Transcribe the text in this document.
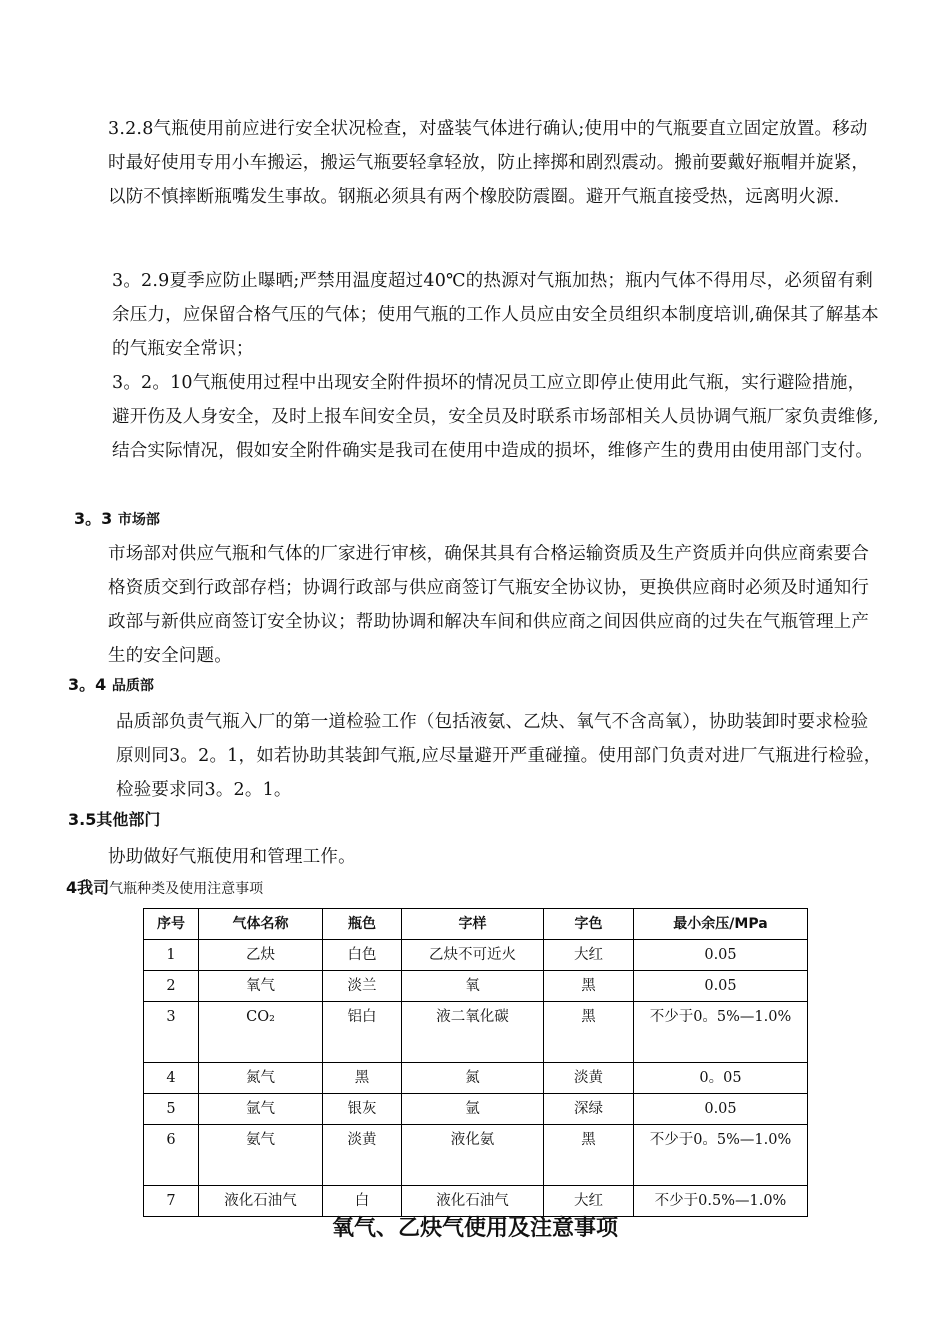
3.2.8气瓶使用前应进行安全状况检查，对盛装气体进行确认;使用中的气瓶要直立固定放置。移动时最好使用专用小车搬运，搬运气瓶要轻拿轻放，防止摔掷和剧烈震动。搬前要戴好瓶帽并旋紧，以防不慎摔断瓶嘴发生事故。钢瓶必须具有两个橡胶防震圈。避开气瓶直接受热，远离明火源.

3。2.9夏季应防止曝晒;严禁用温度超过40℃的热源对气瓶加热；瓶内气体不得用尽，必须留有剩余压力，应保留合格气压的气体；使用气瓶的工作人员应由安全员组织本制度培训,确保其了解基本的气瓶安全常识；

3。2。10气瓶使用过程中出现安全附件损坏的情况员工应立即停止使用此气瓶，实行避险措施，避开伤及人身安全，及时上报车间安全员，安全员及时联系市场部相关人员协调气瓶厂家负责维修,结合实际情况，假如安全附件确实是我司在使用中造成的损坏，维修产生的费用由使用部门支付。

3。3 市场部

市场部对供应气瓶和气体的厂家进行审核，确保其具有合格运输资质及生产资质并向供应商索要合格资质交到行政部存档；协调行政部与供应商签订气瓶安全协议协，更换供应商时必须及时通知行政部与新供应商签订安全协议；帮助协调和解决车间和供应商之间因供应商的过失在气瓶管理上产生的安全问题。

3。4 品质部

品质部负责气瓶入厂的第一道检验工作（包括液氨、乙炔、氧气不含高氧），协助装卸时要求检验原则同3。2。1，如若协助其装卸气瓶,应尽量避开严重碰撞。使用部门负责对进厂气瓶进行检验，检验要求同3。2。1。

3.5其他部门

协助做好气瓶使用和管理工作。

4我司气瓶种类及使用注意事项
序号	气体名称	瓶色	字样	字色	最小余压/MPa
1	乙炔	白色	乙炔不可近火	大红	0.05
2	氧气	淡兰	氧	黑	0.05
3	CO₂	铝白	液二氧化碳	黑	不少于0。5%—1.0%
4	氮气	黑	氮	淡黄	0。05
5	氩气	银灰	氩	深绿	0.05
6	氨气	淡黄	液化氨	黑	不少于0。5%—1.0%
7	液化石油气	白	液化石油气	大红	不少于0.5%—1.0%
氧气、乙炔气使用及注意事项
